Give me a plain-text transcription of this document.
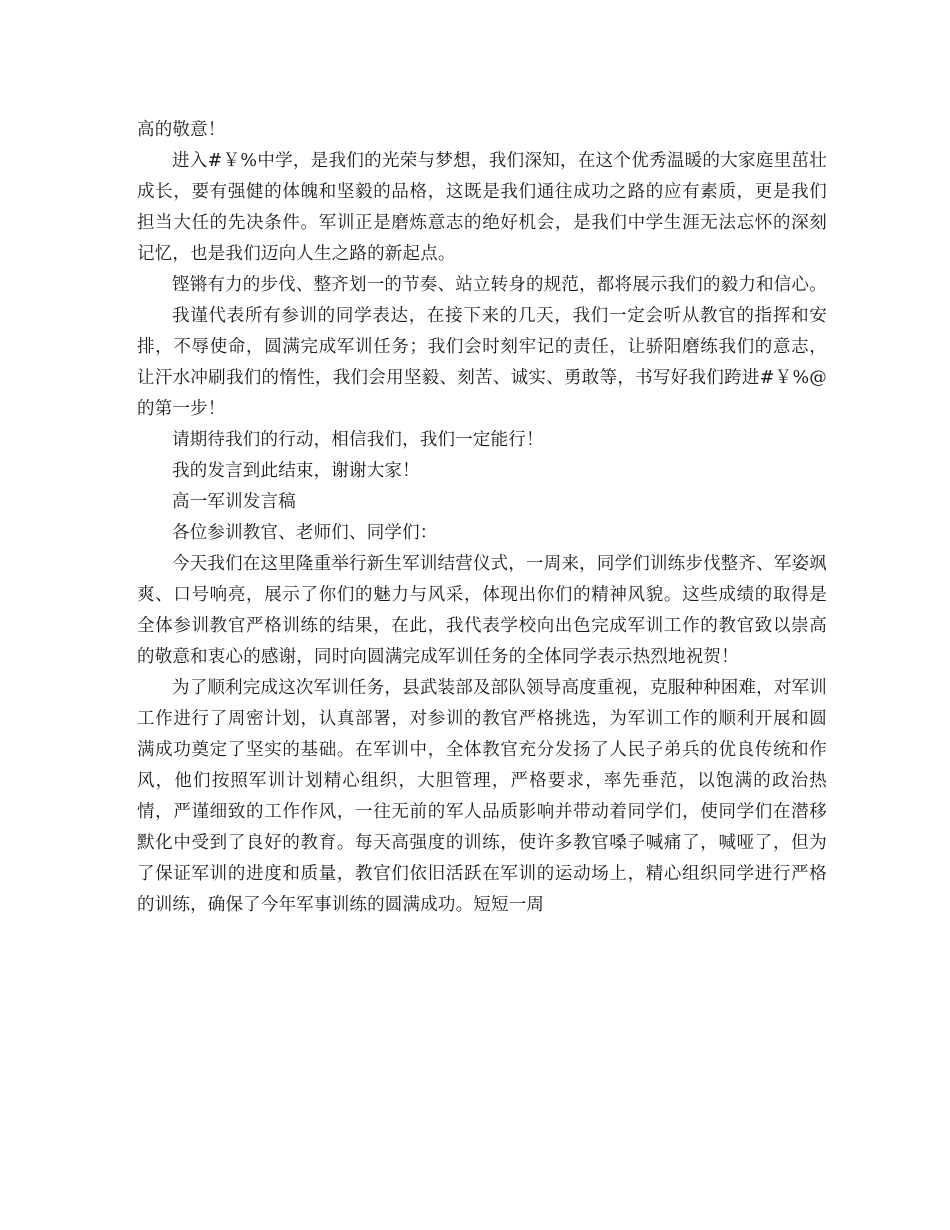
高的敬意！

进入#￥%中学，是我们的光荣与梦想，我们深知，在这个优秀温暖的大家庭里茁壮成长，要有强健的体魄和坚毅的品格，这既是我们通往成功之路的应有素质，更是我们担当大任的先决条件。军训正是磨炼意志的绝好机会，是我们中学生涯无法忘怀的深刻记忆，也是我们迈向人生之路的新起点。

铿锵有力的步伐、整齐划一的节奏、站立转身的规范，都将展示我们的毅力和信心。

我谨代表所有参训的同学表达，在接下来的几天，我们一定会听从教官的指挥和安排，不辱使命，圆满完成军训任务；我们会时刻牢记的责任，让骄阳磨练我们的意志，让汗水冲刷我们的惰性，我们会用坚毅、刻苦、诚实、勇敢等，书写好我们跨进#￥%@的第一步！

请期待我们的行动，相信我们，我们一定能行！

我的发言到此结束，谢谢大家！

高一军训发言稿

各位参训教官、老师们、同学们：

今天我们在这里隆重举行新生军训结营仪式，一周来，同学们训练步伐整齐、军姿飒爽、口号响亮，展示了你们的魅力与风采，体现出你们的精神风貌。这些成绩的取得是全体参训教官严格训练的结果，在此，我代表学校向出色完成军训工作的教官致以崇高的敬意和衷心的感谢，同时向圆满完成军训任务的全体同学表示热烈地祝贺！

为了顺利完成这次军训任务，县武装部及部队领导高度重视，克服种种困难，对军训工作进行了周密计划，认真部署，对参训的教官严格挑选，为军训工作的顺利开展和圆满成功奠定了坚实的基础。在军训中，全体教官充分发扬了人民子弟兵的优良传统和作风，他们按照军训计划精心组织，大胆管理，严格要求，率先垂范，以饱满的政治热情，严谨细致的工作作风，一往无前的军人品质影响并带动着同学们，使同学们在潜移默化中受到了良好的教育。每天高强度的训练，使许多教官嗓子喊痛了，喊哑了，但为了保证军训的进度和质量，教官们依旧活跃在军训的运动场上，精心组织同学进行严格的训练，确保了今年军事训练的圆满成功。短短一周
